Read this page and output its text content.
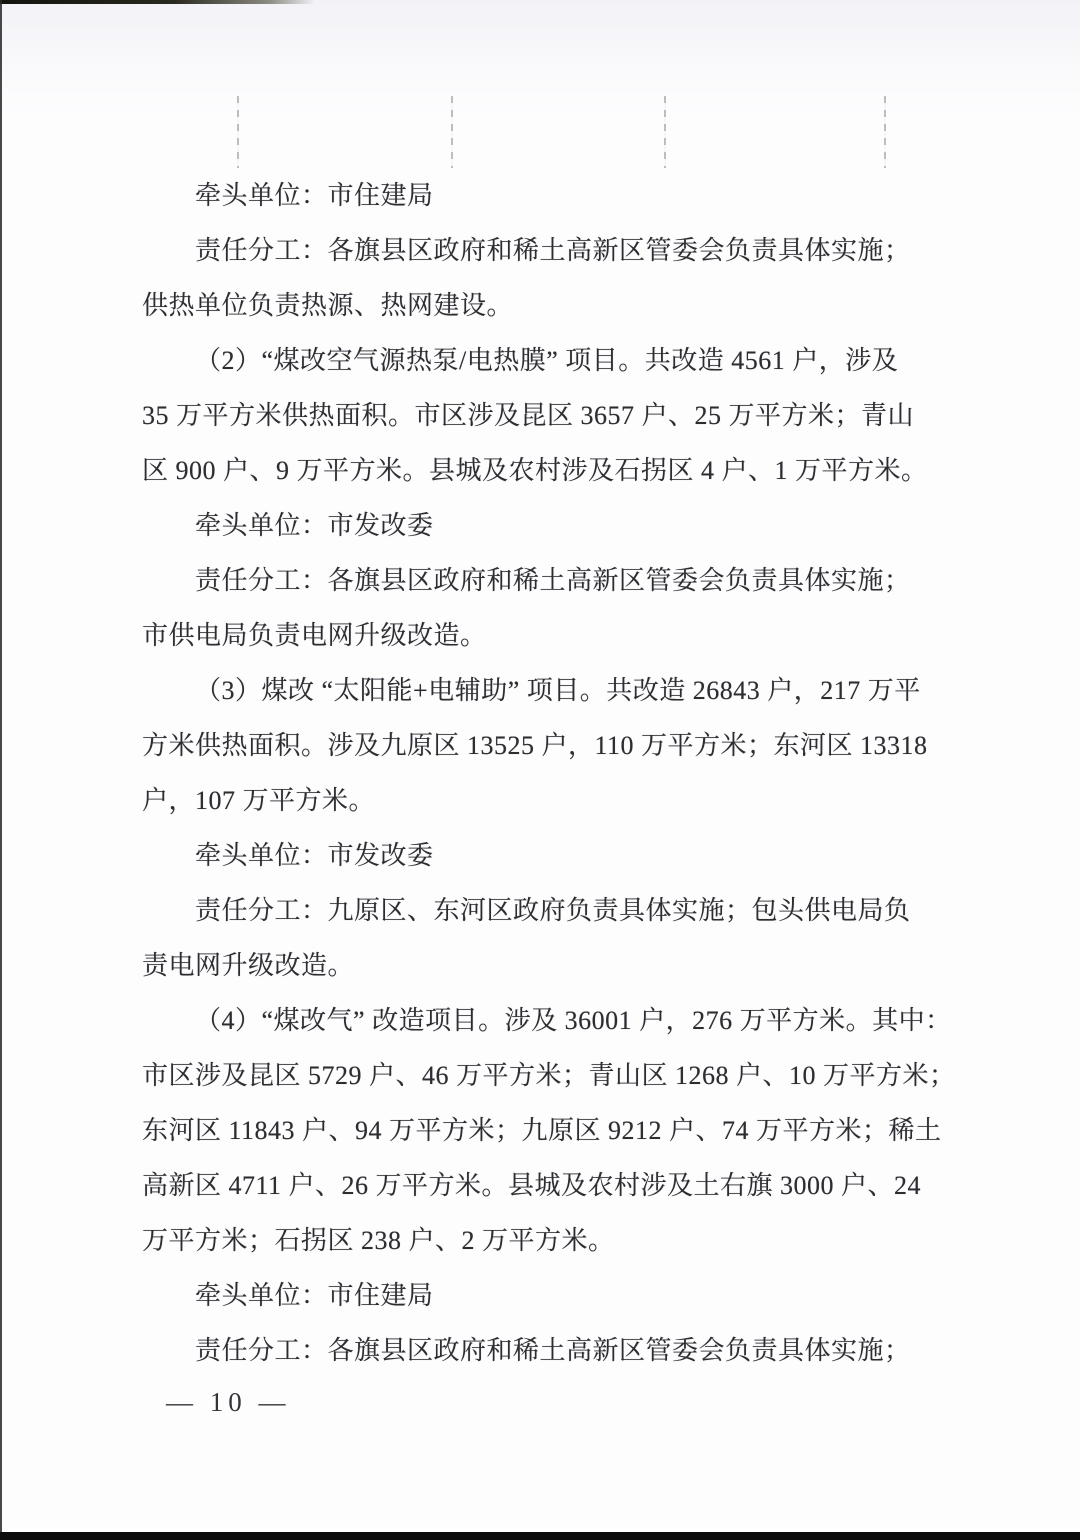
牵头单位：市住建局
责任分工：各旗县区政府和稀土高新区管委会负责具体实施；
供热单位负责热源、热网建设。
（2）“煤改空气源热泵/电热膜” 项目。共改造 4561 户，涉及
35 万平方米供热面积。市区涉及昆区 3657 户、25 万平方米；青山
区 900 户、9 万平方米。县城及农村涉及石拐区 4 户、1 万平方米。
牵头单位：市发改委
责任分工：各旗县区政府和稀土高新区管委会负责具体实施；
市供电局负责电网升级改造。
（3）煤改 “太阳能+电辅助” 项目。共改造 26843 户，217 万平
方米供热面积。涉及九原区 13525 户，110 万平方米；东河区 13318
户，107 万平方米。
牵头单位：市发改委
责任分工：九原区、东河区政府负责具体实施；包头供电局负
责电网升级改造。
（4）“煤改气” 改造项目。涉及 36001 户，276 万平方米。其中：
市区涉及昆区 5729 户、46 万平方米；青山区 1268 户、10 万平方米；
东河区 11843 户、94 万平方米；九原区 9212 户、74 万平方米；稀土
高新区 4711 户、26 万平方米。县城及农村涉及土右旗 3000 户、24
万平方米；石拐区 238 户、2 万平方米。
牵头单位：市住建局
责任分工：各旗县区政府和稀土高新区管委会负责具体实施；
— 10 —
